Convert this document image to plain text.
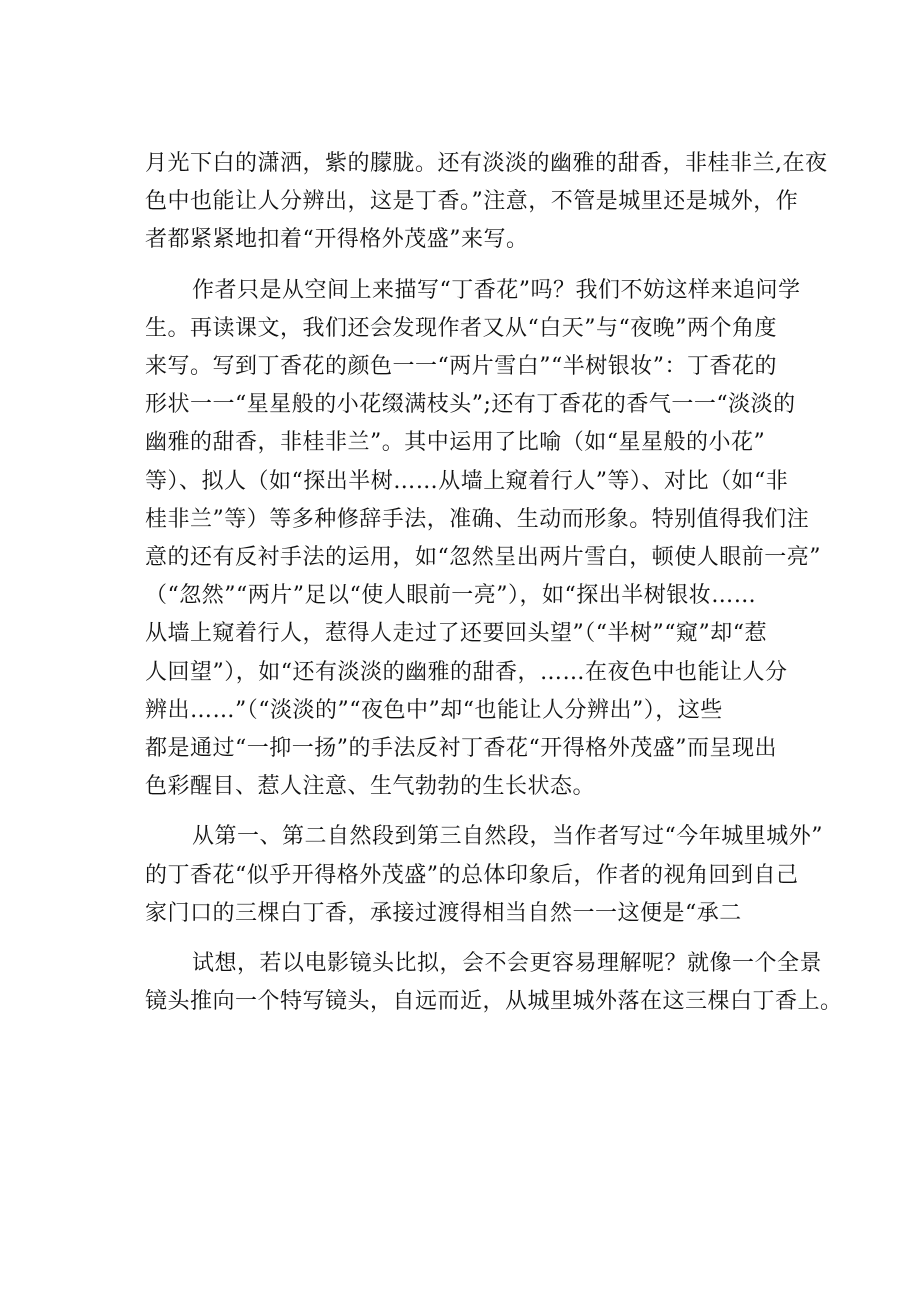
月光下白的潇洒，紫的朦胧。还有淡淡的幽雅的甜香，非桂非兰,在夜
色中也能让人分辨出，这是丁香。”注意，不管是城里还是城外，作
者都紧紧地扣着“开得格外茂盛”来写。

作者只是从空间上来描写“丁香花”吗？我们不妨这样来追问学
生。再读课文，我们还会发现作者又从“白天”与“夜晚”两个角度
来写。写到丁香花的颜色一一“两片雪白”“半树银妆”：丁香花的
形状一一“星星般的小花缀满枝头”;还有丁香花的香气一一“淡淡的
幽雅的甜香，非桂非兰”。其中运用了比喻（如“星星般的小花”
等）、拟人（如“探出半树……从墙上窥着行人”等）、对比（如“非
桂非兰”等）等多种修辞手法，准确、生动而形象。特别值得我们注
意的还有反衬手法的运用，如“忽然呈出两片雪白，顿使人眼前一亮”
（“忽然”“两片”足以“使人眼前一亮”），如“探出半树银妆……
从墙上窥着行人，惹得人走过了还要回头望”（“半树”“窥”却“惹
人回望”），如“还有淡淡的幽雅的甜香，……在夜色中也能让人分
辨出……”（“淡淡的”“夜色中”却“也能让人分辨出”），这些
都是通过“一抑一扬”的手法反衬丁香花“开得格外茂盛”而呈现出
色彩醒目、惹人注意、生气勃勃的生长状态。

从第一、第二自然段到第三自然段，当作者写过“今年城里城外”
的丁香花“似乎开得格外茂盛”的总体印象后，作者的视角回到自己
家门口的三棵白丁香，承接过渡得相当自然一一这便是“承二

试想，若以电影镜头比拟，会不会更容易理解呢？就像一个全景
镜头推向一个特写镜头，自远而近，从城里城外落在这三棵白丁香上。
